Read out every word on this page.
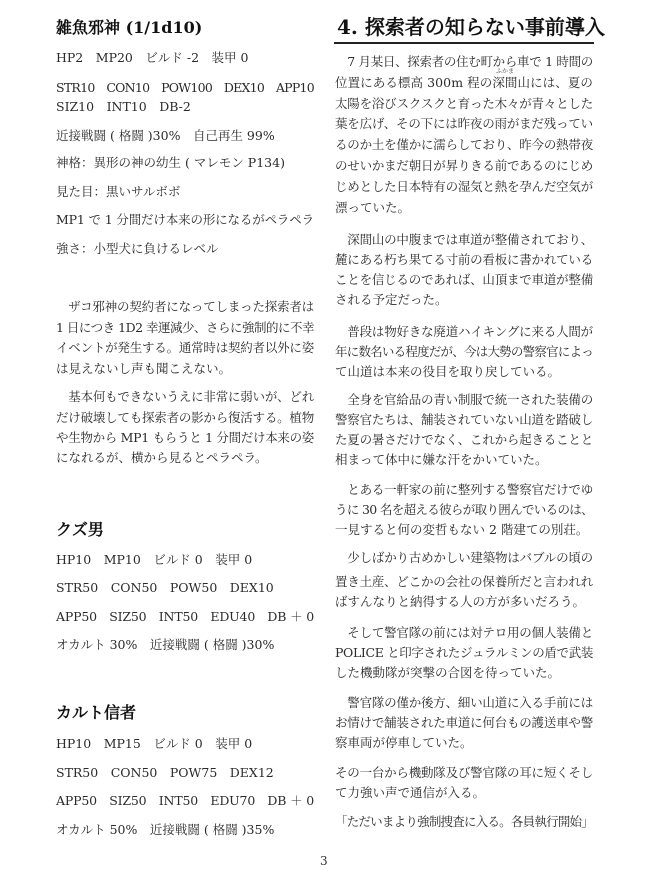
雑魚邪神 (1/1d10)
HP2　MP20　ビルド -2　装甲 0
STR10　CON10　POW100　DEX10　APP10
SIZ10　INT10　DB-2
近接戦闘 ( 格闘 )30%　自己再生 99%
神格：異形の神の幼生 ( マレモン P134)
見た目：黒いサルボボ
MP1 で 1 分間だけ本来の形になるがペラペラ
強さ：小型犬に負けるレベル
　ザコ邪神の契約者になってしまった探索者は
1 日につき 1D2 幸運減少、さらに強制的に不幸
イベントが発生する。通常時は契約者以外に姿
は見えないし声も聞こえない。
　基本何もできないうえに非常に弱いが、どれ
だけ破壊しても探索者の影から復活する。植物
や生物から MP1 もらうと 1 分間だけ本来の姿
になれるが、横から見るとペラペラ。
クズ男
HP10　MP10　ビルド 0　装甲 0
STR50　CON50　POW50　DEX10
APP50　SIZ50　INT50　EDU40　DB ＋ 0
オカルト 30%　近接戦闘 ( 格闘 )30%
カルト信者
HP10　MP15　ビルド 0　装甲 0
STR50　CON50　POW75　DEX12
APP50　SIZ50　INT50　EDU70　DB ＋ 0
オカルト 50%　近接戦闘 ( 格闘 )35%
4. 探索者の知らない事前導入
ふかま
　7 月某日、探索者の住む町から車で 1 時間の
位置にある標高 300m 程の深間山には、夏の
太陽を浴びスクスクと育った木々が青々とした
葉を広げ、その下には昨夜の雨がまだ残ってい
るのか土を僅かに濡らしており、昨今の熱帯夜
のせいかまだ朝日が昇りきる前であるのにじめ
じめとした日本特有の湿気と熱を孕んだ空気が
漂っていた。
　深間山の中腹までは車道が整備されており、
麓にある朽ち果てる寸前の看板に書かれている
ことを信じるのであれば、山頂まで車道が整備
される予定だった。
　普段は物好きな廃道ハイキングに来る人間が
年に数名いる程度だが、今は大勢の警察官によっ
て山道は本来の役目を取り戻している。
　全身を官給品の青い制服で統一された装備の
警察官たちは、舗装されていない山道を踏破し
た夏の暑さだけでなく、これから起きることと
相まって体中に嫌な汗をかいていた。
　とある一軒家の前に整列する警察官だけでゆ
うに 30 名を超える彼らが取り囲んでいるのは、
一見すると何の変哲もない 2 階建ての別荘。
　少しばかり古めかしい建築物はバブルの頃の
置き土産、どこかの会社の保養所だと言われれ
ばすんなりと納得する人の方が多いだろう。
　そして警官隊の前には対テロ用の個人装備と
POLICE と印字されたジュラルミンの盾で武装
した機動隊が突撃の合図を待っていた。
　警官隊の僅か後方、細い山道に入る手前には
お情けで舗装された車道に何台もの護送車や警
察車両が停車していた。
その一台から機動隊及び警官隊の耳に短くそし
て力強い声で通信が入る。
「ただいまより強制捜査に入る。各員執行開始」
3
